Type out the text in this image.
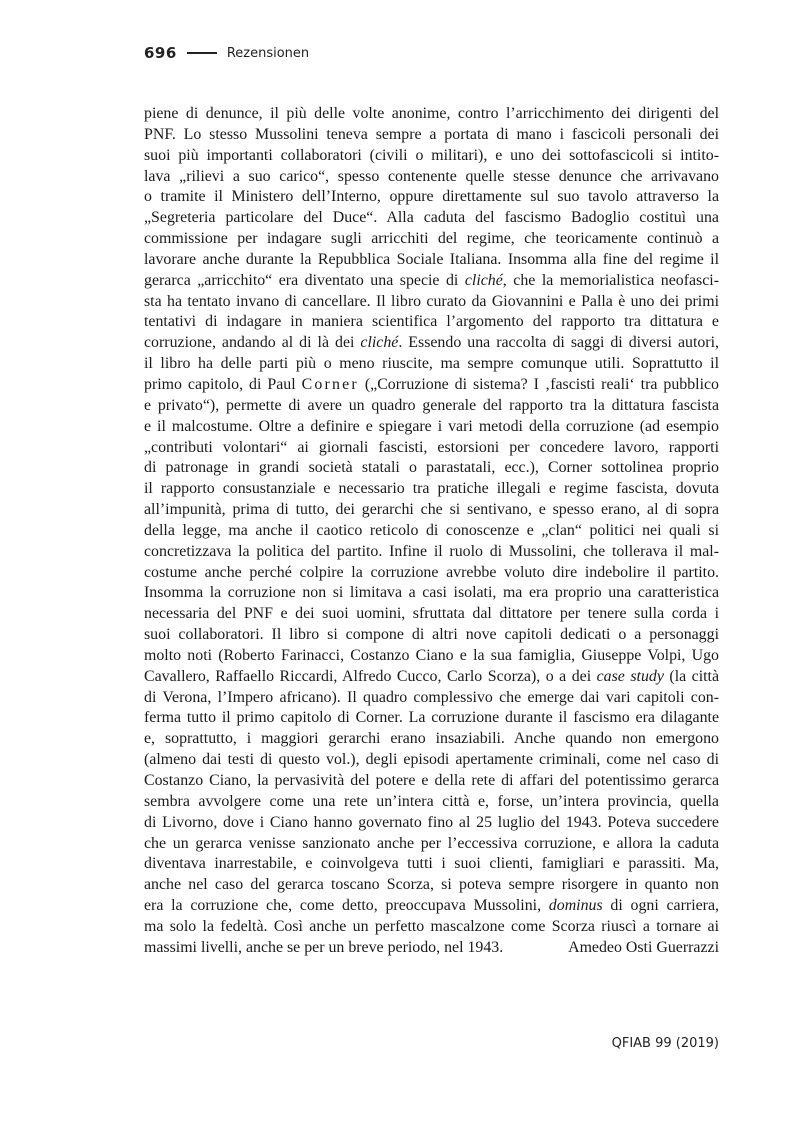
696	Rezensionen
piene di denunce, il più delle volte anonime, contro l’arricchimento dei dirigenti del
PNF. Lo stesso Mussolini teneva sempre a portata di mano i fascicoli personali dei
suoi più importanti collaboratori (civili o militari), e uno dei sottofascicoli si intito-
lava „rilievi a suo carico“, spesso contenente quelle stesse denunce che arrivavano
o tramite il Ministero dell’Interno, oppure direttamente sul suo tavolo attraverso la
„Segreteria particolare del Duce“. Alla caduta del fascismo Badoglio costituì una
commissione per indagare sugli arricchiti del regime, che teoricamente continuò a
lavorare anche durante la Repubblica Sociale Italiana. Insomma alla fine del regime il
gerarca „arricchito“ era diventato una specie di cliché, che la memorialistica neofasci-
sta ha tentato invano di cancellare. Il libro curato da Giovannini e Palla è uno dei primi
tentativi di indagare in maniera scientifica l’argomento del rapporto tra dittatura e
corruzione, andando al di là dei cliché. Essendo una raccolta di saggi di diversi autori,
il libro ha delle parti più o meno riuscite, ma sempre comunque utili. Soprattutto il
primo capitolo, di Paul Corner („Corruzione di sistema? I ‚fascisti reali‘ tra pubblico
e privato“), permette di avere un quadro generale del rapporto tra la dittatura fascista
e il malcostume. Oltre a definire e spiegare i vari metodi della corruzione (ad esempio
„contributi volontari“ ai giornali fascisti, estorsioni per concedere lavoro, rapporti
di patronage in grandi società statali o parastatali, ecc.), Corner sottolinea proprio
il rapporto consustanziale e necessario tra pratiche illegali e regime fascista, dovuta
all’impunità, prima di tutto, dei gerarchi che si sentivano, e spesso erano, al di sopra
della legge, ma anche il caotico reticolo di conoscenze e „clan“ politici nei quali si
concretizzava la politica del partito. Infine il ruolo di Mussolini, che tollerava il mal-
costume anche perché colpire la corruzione avrebbe voluto dire indebolire il partito.
Insomma la corruzione non si limitava a casi isolati, ma era proprio una caratteristica
necessaria del PNF e dei suoi uomini, sfruttata dal dittatore per tenere sulla corda i
suoi collaboratori. Il libro si compone di altri nove capitoli dedicati o a personaggi
molto noti (Roberto Farinacci, Costanzo Ciano e la sua famiglia, Giuseppe Volpi, Ugo
Cavallero, Raffaello Riccardi, Alfredo Cucco, Carlo Scorza), o a dei case study (la città
di Verona, l’Impero africano). Il quadro complessivo che emerge dai vari capitoli con-
ferma tutto il primo capitolo di Corner. La corruzione durante il fascismo era dilagante
e, soprattutto, i maggiori gerarchi erano insaziabili. Anche quando non emergono
(almeno dai testi di questo vol.), degli episodi apertamente criminali, come nel caso di
Costanzo Ciano, la pervasività del potere e della rete di affari del potentissimo gerarca
sembra avvolgere come una rete un’intera città e, forse, un’intera provincia, quella
di Livorno, dove i Ciano hanno governato fino al 25 luglio del 1943. Poteva succedere
che un gerarca venisse sanzionato anche per l’eccessiva corruzione, e allora la caduta
diventava inarrestabile, e coinvolgeva tutti i suoi clienti, famigliari e parassiti. Ma,
anche nel caso del gerarca toscano Scorza, si poteva sempre risorgere in quanto non
era la corruzione che, come detto, preoccupava Mussolini, dominus di ogni carriera,
ma solo la fedeltà. Così anche un perfetto mascalzone come Scorza riuscì a tornare ai
massimi livelli, anche se per un breve periodo, nel 1943.	Amedeo Osti Guerrazzi
QFIAB 99 (2019)
